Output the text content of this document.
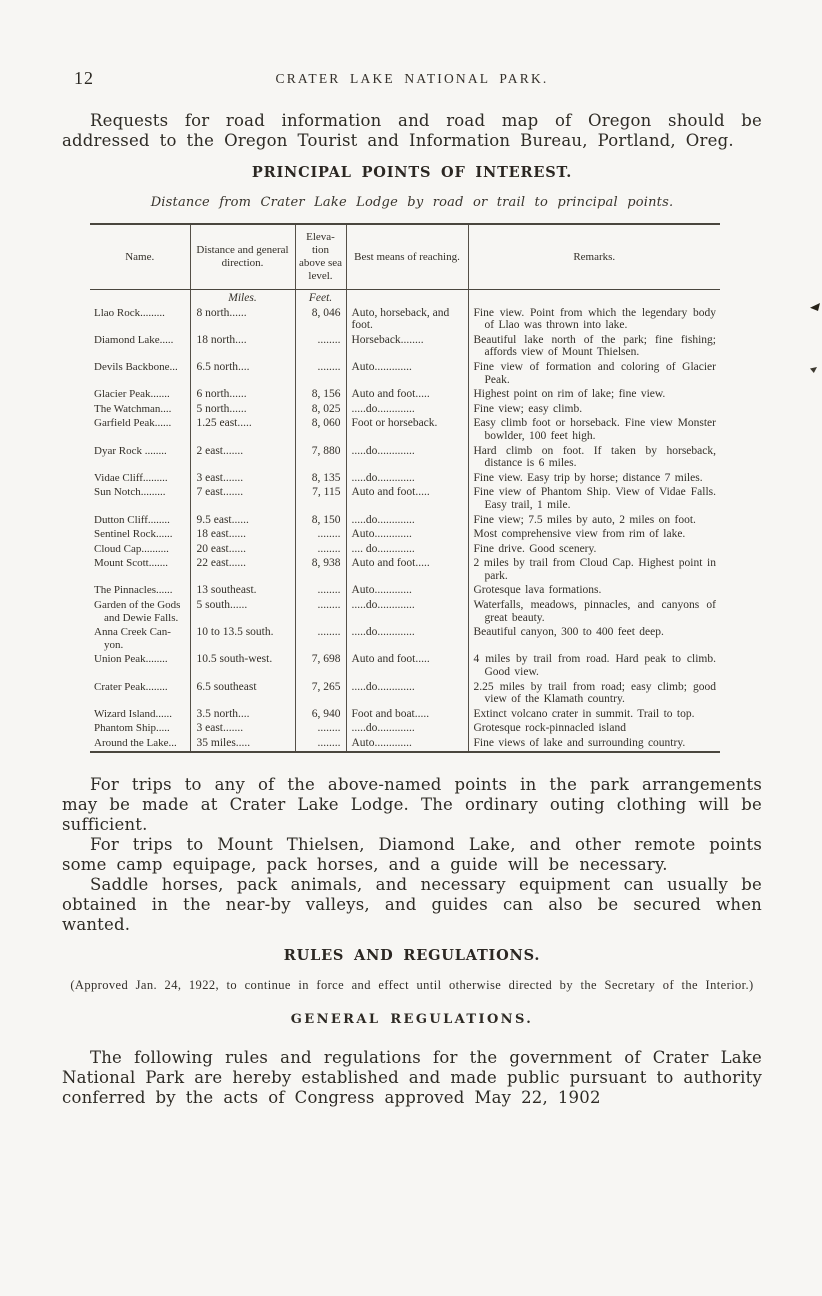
12	CRATER LAKE NATIONAL PARK.

Requests for road information and road map of Oregon should be addressed to the Oregon Tourist and Information Bureau, Portland, Oreg.

PRINCIPAL POINTS OF INTEREST.
Distance from Crater Lake Lodge by road or trail to principal points.
Name.	Distance and general direction.	Eleva-tion above sea level.	Best means of reaching.	Remarks.
	Miles.	Feet.		
Llao Rock.........	8 north......	8, 046	Auto, horseback, and foot.	Fine view. Point from which the legendary body of Llao was thrown into lake.
Diamond Lake.....	18 north....	........	Horseback........	Beautiful lake north of the park; fine fishing; affords view of Mount Thielsen.
Devils Backbone...	6.5 north....	........	Auto.............	Fine view of formation and coloring of Glacier Peak.
Glacier Peak.......	6 north......	8, 156	Auto and foot.....	Highest point on rim of lake; fine view.
The Watchman....	5 north......	8, 025	.....do.............	Fine view; easy climb.
Garfield Peak......	1.25 east.....	8, 060	Foot or horseback.	Easy climb foot or horseback. Fine view Monster bowlder, 100 feet high.
Dyar Rock ........	2 east.......	7, 880	.....do.............	Hard climb on foot. If taken by horseback, distance is 6 miles.
Vidae Cliff.........	3 east.......	8, 135	.....do.............	Fine view. Easy trip by horse; distance 7 miles.
Sun Notch.........	7 east.......	7, 115	Auto and foot.....	Fine view of Phantom Ship. View of Vidae Falls. Easy trail, 1 mile.
Dutton Cliff........	9.5 east......	8, 150	.....do.............	Fine view; 7.5 miles by auto, 2 miles on foot.
Sentinel Rock......	18 east......	........	Auto.............	Most comprehensive view from rim of lake.
Cloud Cap..........	20 east......	........	.... do.............	Fine drive. Good scenery.
Mount Scott.......	22 east......	8, 938	Auto and foot.....	2 miles by trail from Cloud Cap. Highest point in park.
The Pinnacles......	13 southeast.	........	Auto.............	Grotesque lava formations.
Garden of the Gods and Dewie Falls.	5 south......	........	.....do.............	Waterfalls, meadows, pinnacles, and canyons of great beauty.
Anna Creek Can-yon.	10 to 13.5 south.	........	.....do.............	Beautiful canyon, 300 to 400 feet deep.
Union Peak........	10.5 south-west.	7, 698	Auto and foot.....	4 miles by trail from road. Hard peak to climb. Good view.
Crater Peak........	6.5 southeast	7, 265	.....do.............	2.25 miles by trail from road; easy climb; good view of the Klamath country.
Wizard Island......	3.5 north....	6, 940	Foot and boat.....	Extinct volcano crater in summit. Trail to top.
Phantom Ship.....	3 east.......	........	.....do.............	Grotesque rock-pinnacled island
Around the Lake...	35 miles.....	........	Auto.............	Fine views of lake and surrounding country.

For trips to any of the above-named points in the park arrangements may be made at Crater Lake Lodge. The ordinary outing clothing will be sufficient.

For trips to Mount Thielsen, Diamond Lake, and other remote points some camp equipage, pack horses, and a guide will be necessary.

Saddle horses, pack animals, and necessary equipment can usually be obtained in the near-by valleys, and guides can also be secured when wanted.

RULES AND REGULATIONS.
(Approved Jan. 24, 1922, to continue in force and effect until otherwise directed by the Secretary of the Interior.)
GENERAL REGULATIONS.

The following rules and regulations for the government of Crater Lake National Park are hereby established and made public pursuant to authority conferred by the acts of Congress approved May 22, 1902
